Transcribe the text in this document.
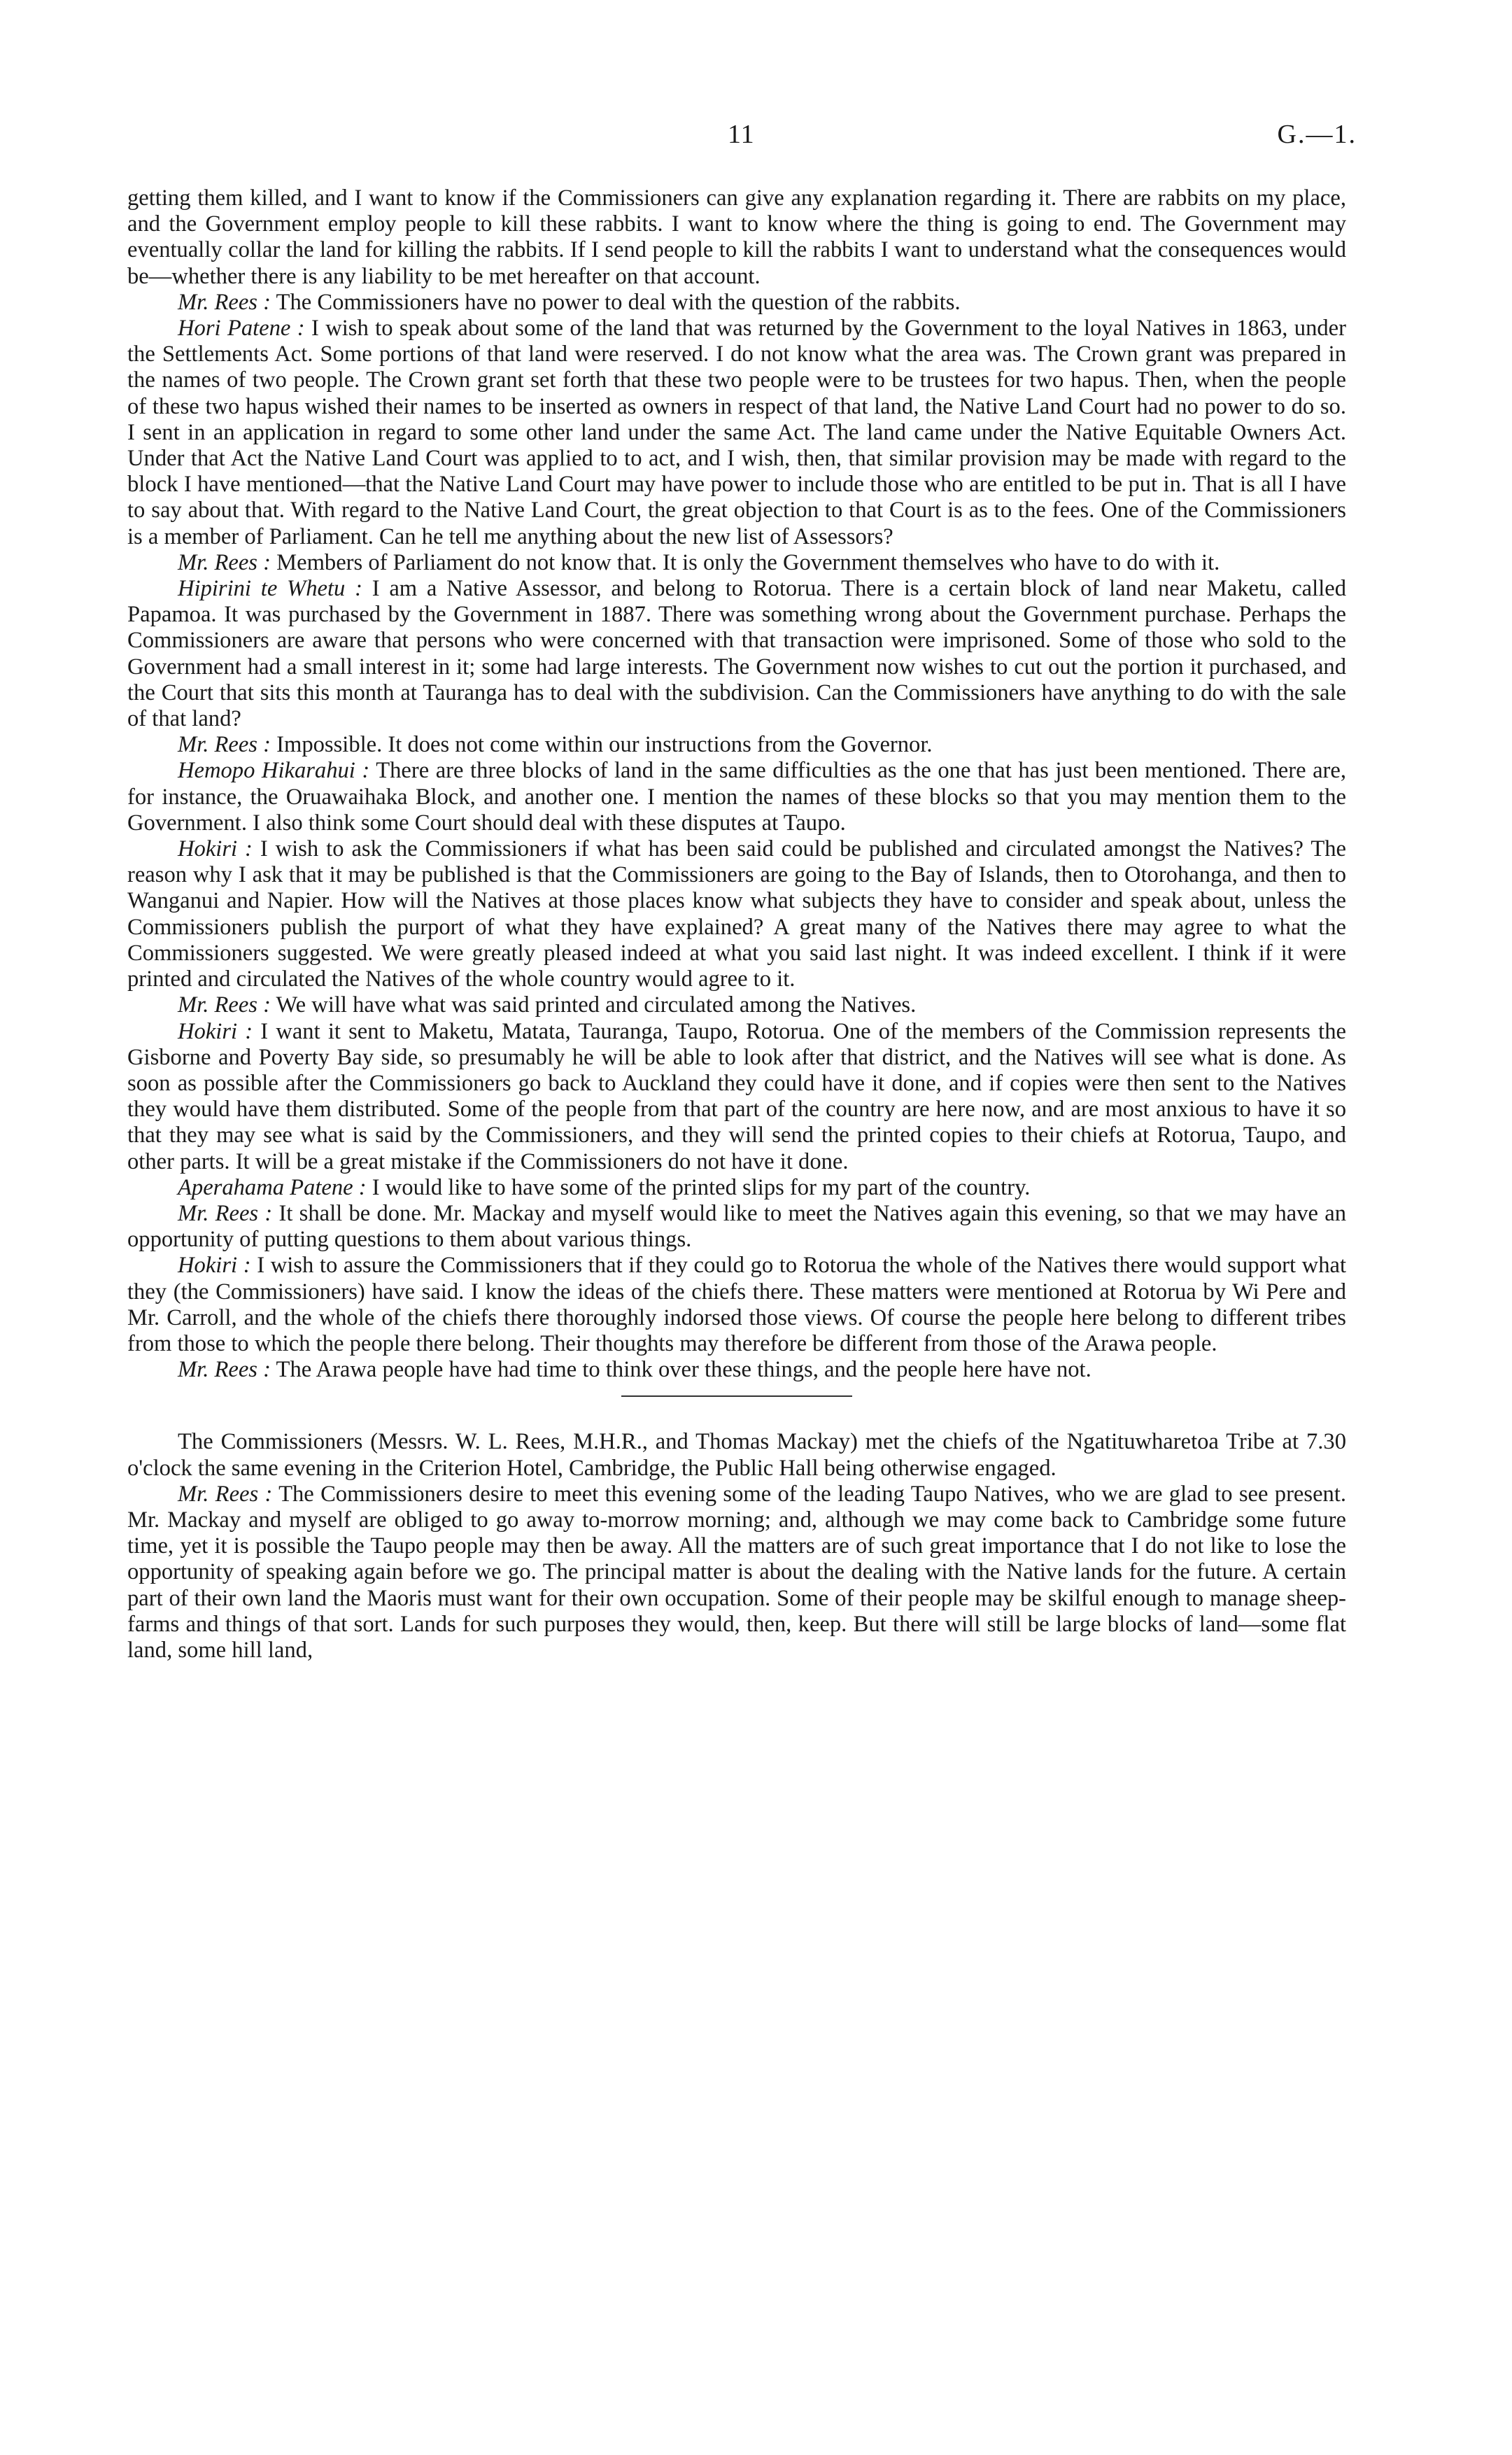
11	G.—1.

getting them killed, and I want to know if the Commissioners can give any explanation regarding it. There are rabbits on my place, and the Government employ people to kill these rabbits. I want to know where the thing is going to end. The Government may eventually collar the land for killing the rabbits. If I send people to kill the rabbits I want to understand what the consequences would be—whether there is any liability to be met hereafter on that account.

Mr. Rees : The Commissioners have no power to deal with the question of the rabbits.

Hori Patene : I wish to speak about some of the land that was returned by the Government to the loyal Natives in 1863, under the Settlements Act. Some portions of that land were reserved. I do not know what the area was. The Crown grant was prepared in the names of two people. The Crown grant set forth that these two people were to be trustees for two hapus. Then, when the people of these two hapus wished their names to be inserted as owners in respect of that land, the Native Land Court had no power to do so. I sent in an application in regard to some other land under the same Act. The land came under the Native Equitable Owners Act. Under that Act the Native Land Court was applied to to act, and I wish, then, that similar provision may be made with regard to the block I have mentioned—that the Native Land Court may have power to include those who are entitled to be put in. That is all I have to say about that. With regard to the Native Land Court, the great objection to that Court is as to the fees. One of the Commissioners is a member of Parliament. Can he tell me anything about the new list of Assessors?

Mr. Rees : Members of Parliament do not know that. It is only the Government themselves who have to do with it.

Hipirini te Whetu : I am a Native Assessor, and belong to Rotorua. There is a certain block of land near Maketu, called Papamoa. It was purchased by the Government in 1887. There was something wrong about the Government purchase. Perhaps the Commissioners are aware that persons who were concerned with that transaction were imprisoned. Some of those who sold to the Government had a small interest in it; some had large interests. The Government now wishes to cut out the portion it purchased, and the Court that sits this month at Tauranga has to deal with the subdivision. Can the Commissioners have anything to do with the sale of that land?

Mr. Rees : Impossible. It does not come within our instructions from the Governor.

Hemopo Hikarahui : There are three blocks of land in the same difficulties as the one that has just been mentioned. There are, for instance, the Oruawaihaka Block, and another one. I mention the names of these blocks so that you may mention them to the Government. I also think some Court should deal with these disputes at Taupo.

Hokiri : I wish to ask the Commissioners if what has been said could be published and circulated amongst the Natives? The reason why I ask that it may be published is that the Commissioners are going to the Bay of Islands, then to Otorohanga, and then to Wanganui and Napier. How will the Natives at those places know what subjects they have to consider and speak about, unless the Commissioners publish the purport of what they have explained? A great many of the Natives there may agree to what the Commissioners suggested. We were greatly pleased indeed at what you said last night. It was indeed excellent. I think if it were printed and circulated the Natives of the whole country would agree to it.

Mr. Rees : We will have what was said printed and circulated among the Natives.

Hokiri : I want it sent to Maketu, Matata, Tauranga, Taupo, Rotorua. One of the members of the Commission represents the Gisborne and Poverty Bay side, so presumably he will be able to look after that district, and the Natives will see what is done. As soon as possible after the Commissioners go back to Auckland they could have it done, and if copies were then sent to the Natives they would have them distributed. Some of the people from that part of the country are here now, and are most anxious to have it so that they may see what is said by the Commissioners, and they will send the printed copies to their chiefs at Rotorua, Taupo, and other parts. It will be a great mistake if the Commissioners do not have it done.

Aperahama Patene : I would like to have some of the printed slips for my part of the country.

Mr. Rees : It shall be done. Mr. Mackay and myself would like to meet the Natives again this evening, so that we may have an opportunity of putting questions to them about various things.

Hokiri : I wish to assure the Commissioners that if they could go to Rotorua the whole of the Natives there would support what they (the Commissioners) have said. I know the ideas of the chiefs there. These matters were mentioned at Rotorua by Wi Pere and Mr. Carroll, and the whole of the chiefs there thoroughly indorsed those views. Of course the people here belong to different tribes from those to which the people there belong. Their thoughts may therefore be different from those of the Arawa people.

Mr. Rees : The Arawa people have had time to think over these things, and the people here have not.

The Commissioners (Messrs. W. L. Rees, M.H.R., and Thomas Mackay) met the chiefs of the Ngatituwharetoa Tribe at 7.30 o'clock the same evening in the Criterion Hotel, Cambridge, the Public Hall being otherwise engaged.

Mr. Rees : The Commissioners desire to meet this evening some of the leading Taupo Natives, who we are glad to see present. Mr. Mackay and myself are obliged to go away to-morrow morning; and, although we may come back to Cambridge some future time, yet it is possible the Taupo people may then be away. All the matters are of such great importance that I do not like to lose the opportunity of speaking again before we go. The principal matter is about the dealing with the Native lands for the future. A certain part of their own land the Maoris must want for their own occupation. Some of their people may be skilful enough to manage sheep-farms and things of that sort. Lands for such purposes they would, then, keep. But there will still be large blocks of land—some flat land, some hill land,
